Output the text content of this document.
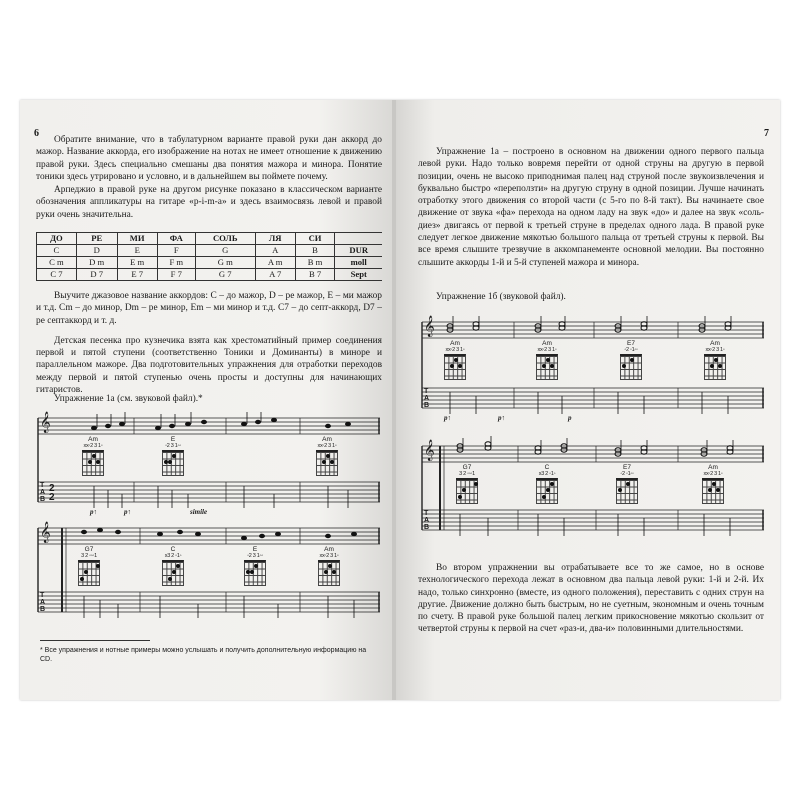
6

Обратите внимание, что в табулатурном варианте правой руки дан аккорд до мажор. Название аккорда, его изображение на нотах не имеет отношение к движению правой руки. Здесь специально смешаны два понятия мажора и минора. Понятие тоники здесь утрировано и условно, и в дальнейшем вы поймете почему.

Арпеджио в правой руке на другом рисунке показано в классическом варианте обозначения аппликатуры на гитаре «p-i-m-a» и здесь взаимосвязь левой и правой руки очень значительна.

ДО	РЕ	МИ	ФА	СОЛЬ	ЛЯ	СИ	
C	D	E	F	G	A	B	DUR
C m	D m	E m	F m	G m	A m	B m	moll
C 7	D 7	E 7	F 7	G 7	A 7	B 7	Sept

Выучите джазовое название аккордов: C – до мажор, D – ре мажор, E – ми мажор и т.д. Cm – до минор, Dm – ре минор, Em – ми минор и т.д. C7 – до септ-аккорд, D7 – ре септаккорд и т. д.

Детская песенка про кузнечика взята как хрестоматийный пример соединения первой и пятой ступени (соответственно Тоники и Доминанты) в миноре и параллельном мажоре. Два подготовительных упражнения для отработки переходов между первой и пятой ступенью очень просты и доступны для начинающих гитаристов.

Упражнение 1а (см. звуковой файл).*
𝄞
T
A
B
2
2
Am
xx◦2 3 1◦
E
◦2 3 1◦◦
Am
xx◦2 3 1◦
p↑	p↑	simile
𝄞
T
A
B
G7
3 2 ◦◦◦1
C
x3 2 ◦1◦
E
◦2 3 1◦◦
Am
xx◦2 3 1◦
* Все упражнения и нотные примеры можно услышать и получить дополнительную информацию на CD.
7

Упражнение 1а – построено в основном на движении одного первого пальца левой руки. Надо только вовремя перейти от одной струны на другую в первой позиции, очень не высоко приподнимая палец над струной после звукоизвлечения и буквально быстро «переползти» на другую струну в одной позиции. Лучше начинать отработку этого движения со второй части (с 5-го по 8-й такт). Вы начинаете свое движение от звука «фа» перехода на одном ладу на звук «до» и далее на звук «соль-диез» двигаясь от первой к третьей струне в пределах одного лада. В правой руке следует легкое движение мякотью большого пальца от третьей струны к первой. Вы все время слышите трезвучие в аккомпанементе основной мелодии. Вы постоянно слышите аккорды 1-й и 5-й ступеней мажора и минора.

Упражнение 1б (звуковой файл).
𝄞
T
A
B
Am
xx◦2 3 1◦
Am
xx◦2 3 1◦
E7
◦2 ◦1◦◦
Am
xx◦2 3 1◦
p↑	p↑	p
𝄞
T
A
B
G7
3 2 ◦◦◦1
C
x3 2 ◦1◦
E7
◦2 ◦1◦◦
Am
xx◦2 3 1◦

Во втором упражнении вы отрабатываете все то же самое, но в основе технологического перехода лежат в основном два пальца левой руки: 1-й и 2-й. Их надо, только синхронно (вместе, из одного положения), переставить с одних струн на другие. Движение должно быть быстрым, но не суетным, экономным и очень точным по счету. В правой руке большой палец легким прикосновение мякотью скользит от четвертой струны к первой на счет «раз-и, два-и» половинными длительностями.
